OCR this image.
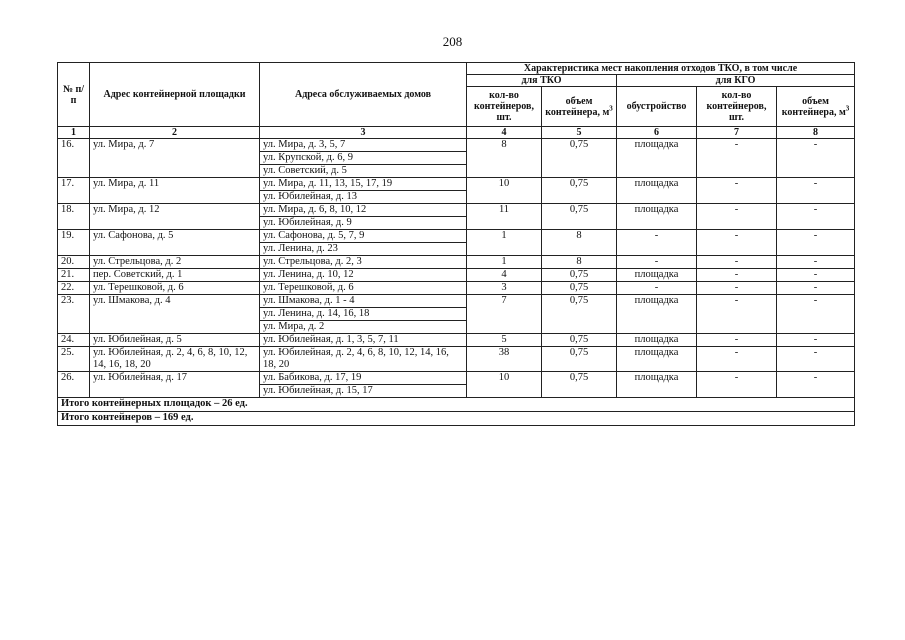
208
№ п/п	Адрес контейнерной площадки	Адреса обслуживаемых домов	Характеристика мест накопления отходов ТКО, в том числе				
			для ТКО		для КГО		
			кол-во контейнеров, шт.	объем контейнера, $м^3$	обустройство	кол-во контейнеров, шт.	объем контейнера, $м^3$
1	2	3	4	5	6	7	8
16.	ул. Мира, д. 7	ул. Мира, д. 3, 5, 7
ул. Крупской, д. 6, 9
ул. Советский, д. 5	8	0,75	площадка	-	-
17.	ул. Мира, д. 11	ул. Мира, д. 11, 13, 15, 17, 19
ул. Юбилейная, д. 13	10	0,75	площадка	-	-
18.	ул. Мира, д. 12	ул. Мира, д. 6, 8, 10, 12
ул. Юбилейная, д. 9	11	0,75	площадка	-	-
19.	ул. Сафонова, д. 5	ул. Сафонова, д. 5, 7, 9
ул. Ленина, д. 23	1	8	-	-	-
20.	ул. Стрельцова, д. 2	ул. Стрельцова, д. 2, 3	1	8	-	-	-
21.	пер. Советский, д. 1	ул. Ленина, д. 10, 12	4	0,75	площадка	-	-
22.	ул. Терешковой, д. 6	ул. Терешковой, д. 6	3	0,75	-	-	-
23.	ул. Шмакова, д. 4	ул. Шмакова, д. 1 - 4
ул. Ленина, д. 14, 16, 18
ул. Мира, д. 2	7	0,75	площадка	-	-
24.	ул. Юбилейная, д. 5	ул. Юбилейная, д. 1, 3, 5, 7, 11	5	0,75	площадка	-	-
25.	ул. Юбилейная, д. 2, 4, 6, 8, 10, 12, 14, 16, 18, 20	ул. Юбилейная, д. 2, 4, 6, 8, 10, 12, 14, 16, 18, 20	38	0,75	площадка	-	-
26.	ул. Юбилейная, д. 17	ул. Бабикова, д. 17, 19
ул. Юбилейная, д. 15, 17	10	0,75	площадка	-	-
Итого контейнерных площадок – 26 ед.							
Итого контейнеров – 169 ед.							
